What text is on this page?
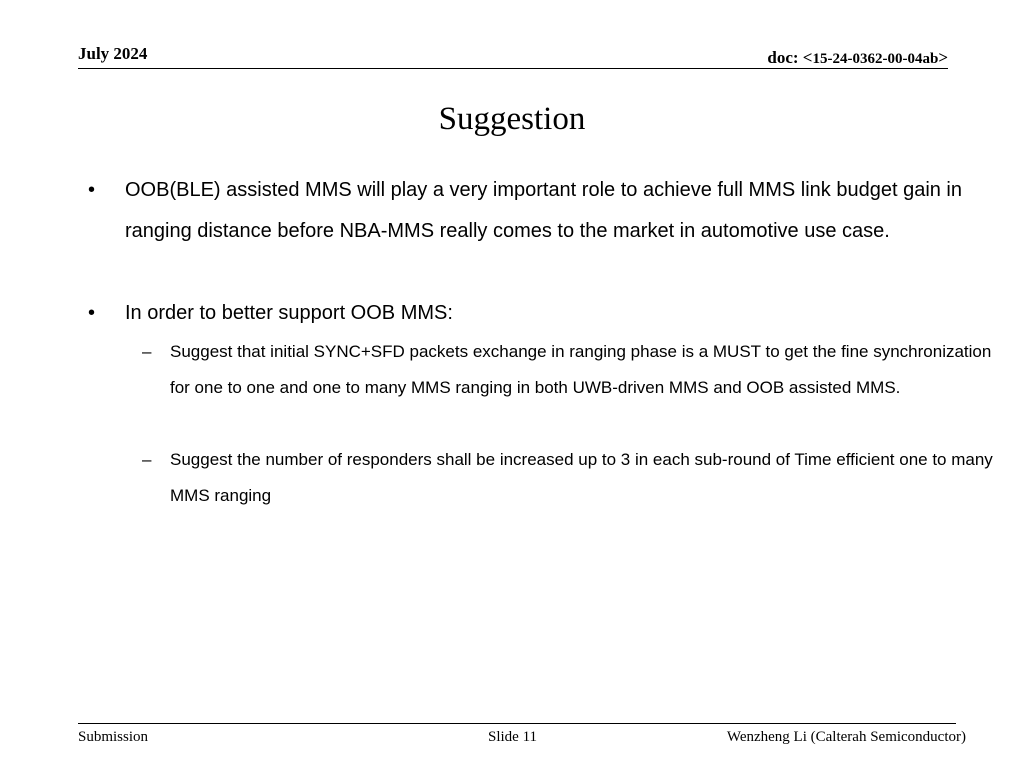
July 2024	doc: <15-24-0362-00-04ab>
Suggestion
• OOB(BLE) assisted MMS will play a very important role to achieve full MMS link budget gain in ranging distance before NBA-MMS really comes to the market in automotive use case.
• In order to better support OOB MMS:
– Suggest that initial SYNC+SFD packets exchange in ranging phase is a MUST to get the fine synchronization for one to one and one to many MMS ranging in both UWB-driven MMS and OOB assisted MMS.
– Suggest the number of responders shall be increased up to 3 in each sub-round of Time efficient one to many MMS ranging
Submission	Slide 11	Wenzheng Li (Calterah Semiconductor)
